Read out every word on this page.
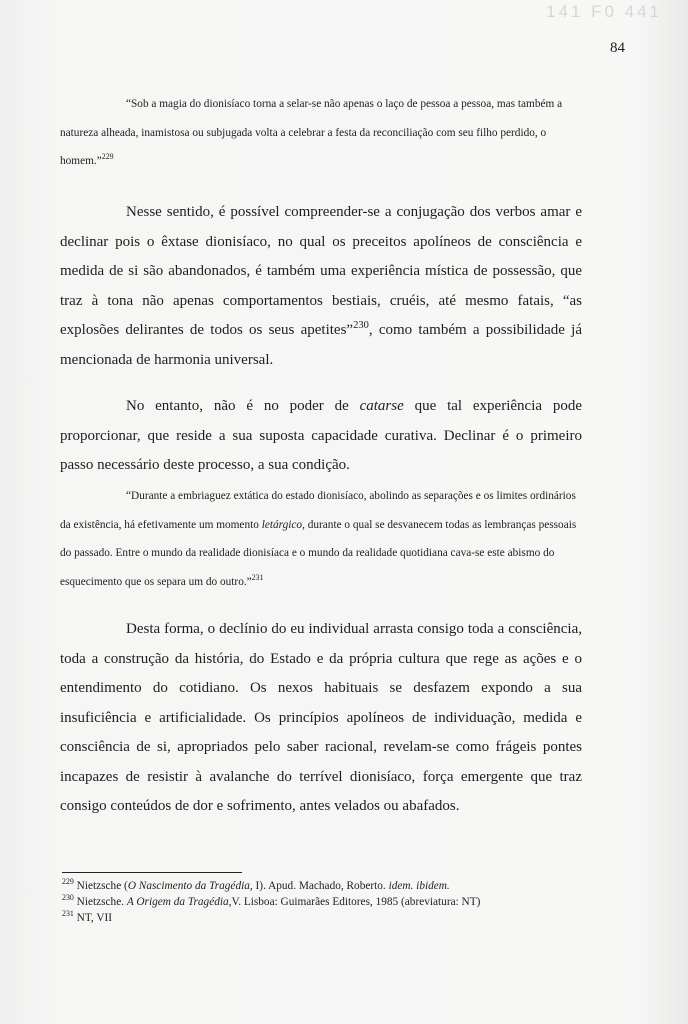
141 F0 441
84

“Sob a magia do dionisíaco torna a selar-se não apenas o laço de pessoa a pessoa, mas também a natureza alheada, inamistosa ou subjugada volta a celebrar a festa da reconciliação com seu filho perdido, o homem.”$^{229}$

Nesse sentido, é possível compreender-se a conjugação dos verbos amar e declinar pois o êxtase dionisíaco, no qual os preceitos apolíneos de consciência e medida de si são abandonados, é também uma experiência mística de possessão, que traz à tona não apenas comportamentos bestiais, cruéis, até mesmo fatais, “as explosões delirantes de todos os seus apetites”$^{230}$, como também a possibilidade já mencionada de harmonia universal.

No entanto, não é no poder de catarse que tal experiência pode proporcionar, que reside a sua suposta capacidade curativa. Declinar é o primeiro passo necessário deste processo, a sua condição.

“Durante a embriaguez extática do estado dionisíaco, abolindo as separações e os limites ordinários da existência, há efetivamente um momento letárgico, durante o qual se desvanecem todas as lembranças pessoais do passado. Entre o mundo da realidade dionisíaca e o mundo da realidade quotidiana cava-se este abismo do esquecimento que os separa um do outro.”$^{231}$

Desta forma, o declínio do eu individual arrasta consigo toda a consciência, toda a construção da história, do Estado e da própria cultura que rege as ações e o entendimento do cotidiano. Os nexos habituais se desfazem expondo a sua insuficiência e artificialidade. Os princípios apolíneos de individuação, medida e consciência de si, apropriados pelo saber racional, revelam-se como frágeis pontes incapazes de resistir à avalanche do terrível dionisíaco, força emergente que traz consigo conteúdos de dor e sofrimento, antes velados ou abafados.

$^{229}$ Nietzsche (O Nascimento da Tragédia, I). Apud. Machado, Roberto. idem. ibidem.

$^{230}$ Nietzsche. A Origem da Tragédia,V. Lisboa: Guimarães Editores, 1985 (abreviatura: NT)

$^{231}$ NT, VII
